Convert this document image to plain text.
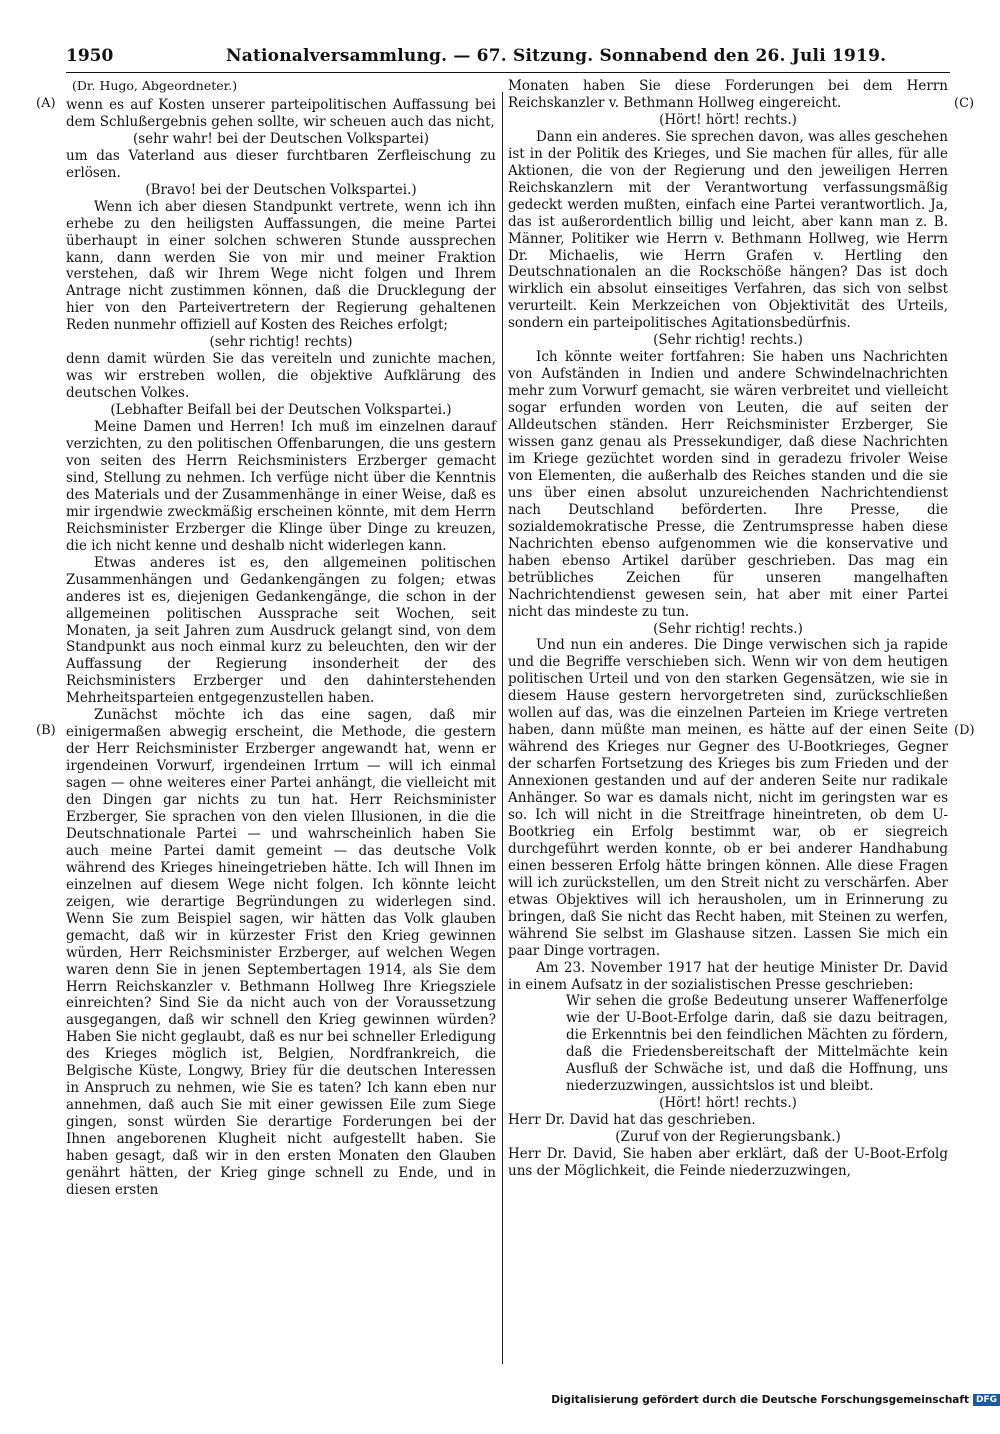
1950	Nationalversammlung. — 67. Sitzung. Sonnabend den 26. Juli 1919.
(A)
(B)
(C)
(D)
(Dr. Hugo, Abgeordneter.)

wenn es auf Kosten unserer parteipolitischen Auffassung bei dem Schlußergebnis gehen sollte, wir scheuen auch das nicht,

(sehr wahr! bei der Deutschen Volkspartei)

um das Vaterland aus dieser furchtbaren Zerfleischung zu erlösen.

(Bravo! bei der Deutschen Volkspartei.)

Wenn ich aber diesen Standpunkt vertrete, wenn ich ihn erhebe zu den heiligsten Auffassungen, die meine Partei überhaupt in einer solchen schweren Stunde aussprechen kann, dann werden Sie von mir und meiner Fraktion verstehen, daß wir Ihrem Wege nicht folgen und Ihrem Antrage nicht zustimmen können, daß die Drucklegung der hier von den Parteivertretern der Regierung gehaltenen Reden nunmehr offiziell auf Kosten des Reiches erfolgt;

(sehr richtig! rechts)

denn damit würden Sie das vereiteln und zunichte machen, was wir erstreben wollen, die objektive Aufklärung des deutschen Volkes.

(Lebhafter Beifall bei der Deutschen Volkspartei.)

Meine Damen und Herren! Ich muß im einzelnen darauf verzichten, zu den politischen Offenbarungen, die uns gestern von seiten des Herrn Reichsministers Erzberger gemacht sind, Stellung zu nehmen. Ich verfüge nicht über die Kenntnis des Materials und der Zusammenhänge in einer Weise, daß es mir irgendwie zweckmäßig erscheinen könnte, mit dem Herrn Reichsminister Erzberger die Klinge über Dinge zu kreuzen, die ich nicht kenne und deshalb nicht widerlegen kann.

Etwas anderes ist es, den allgemeinen politischen Zusammenhängen und Gedankengängen zu folgen; etwas anderes ist es, diejenigen Gedankengänge, die schon in der allgemeinen politischen Aussprache seit Wochen, seit Monaten, ja seit Jahren zum Ausdruck gelangt sind, von dem Standpunkt aus noch einmal kurz zu beleuchten, den wir der Auffassung der Regierung insonderheit der des Reichsministers Erzberger und den dahinterstehenden Mehrheitsparteien entgegenzustellen haben.

Zunächst möchte ich das eine sagen, daß mir einigermaßen abwegig erscheint, die Methode, die gestern der Herr Reichsminister Erzberger angewandt hat, wenn er irgendeinen Vorwurf, irgendeinen Irrtum — will ich einmal sagen — ohne weiteres einer Partei anhängt, die vielleicht mit den Dingen gar nichts zu tun hat. Herr Reichsminister Erzberger, Sie sprachen von den vielen Illusionen, in die die Deutschnationale Partei — und wahrscheinlich haben Sie auch meine Partei damit gemeint — das deutsche Volk während des Krieges hineingetrieben hätte. Ich will Ihnen im einzelnen auf diesem Wege nicht folgen. Ich könnte leicht zeigen, wie derartige Begründungen zu widerlegen sind. Wenn Sie zum Beispiel sagen, wir hätten das Volk glauben gemacht, daß wir in kürzester Frist den Krieg gewinnen würden, Herr Reichsminister Erzberger, auf welchen Wegen waren denn Sie in jenen Septembertagen 1914, als Sie dem Herrn Reichskanzler v. Bethmann Hollweg Ihre Kriegsziele einreichten? Sind Sie da nicht auch von der Voraussetzung ausgegangen, daß wir schnell den Krieg gewinnen würden? Haben Sie nicht geglaubt, daß es nur bei schneller Erledigung des Krieges möglich ist, Belgien, Nordfrankreich, die Belgische Küste, Longwy, Briey für die deutschen Interessen in Anspruch zu nehmen, wie Sie es taten? Ich kann eben nur annehmen, daß auch Sie mit einer gewissen Eile zum Siege gingen, sonst würden Sie derartige Forderungen bei der Ihnen angeborenen Klugheit nicht aufgestellt haben. Sie haben gesagt, daß wir in den ersten Monaten den Glauben genährt hätten, der Krieg ginge schnell zu Ende, und in diesen ersten

Monaten haben Sie diese Forderungen bei dem Herrn Reichskanzler v. Bethmann Hollweg eingereicht.

(Hört! hört! rechts.)

Dann ein anderes. Sie sprechen davon, was alles geschehen ist in der Politik des Krieges, und Sie machen für alles, für alle Aktionen, die von der Regierung und den jeweiligen Herren Reichskanzlern mit der Verantwortung verfassungsmäßig gedeckt werden mußten, einfach eine Partei verantwortlich. Ja, das ist außerordentlich billig und leicht, aber kann man z. B. Männer, Politiker wie Herrn v. Bethmann Hollweg, wie Herrn Dr. Michaelis, wie Herrn Grafen v. Hertling den Deutschnationalen an die Rockschöße hängen? Das ist doch wirklich ein absolut einseitiges Verfahren, das sich von selbst verurteilt. Kein Merkzeichen von Objektivität des Urteils, sondern ein parteipolitisches Agitationsbedürfnis.

(Sehr richtig! rechts.)

Ich könnte weiter fortfahren: Sie haben uns Nachrichten von Aufständen in Indien und andere Schwindelnachrichten mehr zum Vorwurf gemacht, sie wären verbreitet und vielleicht sogar erfunden worden von Leuten, die auf seiten der Alldeutschen ständen. Herr Reichsminister Erzberger, Sie wissen ganz genau als Pressekundiger, daß diese Nachrichten im Kriege gezüchtet worden sind in geradezu frivoler Weise von Elementen, die außerhalb des Reiches standen und die sie uns über einen absolut unzureichenden Nachrichtendienst nach Deutschland beförderten. Ihre Presse, die sozialdemokratische Presse, die Zentrumspresse haben diese Nachrichten ebenso aufgenommen wie die konservative und haben ebenso Artikel darüber geschrieben. Das mag ein betrübliches Zeichen für unseren mangelhaften Nachrichtendienst gewesen sein, hat aber mit einer Partei nicht das mindeste zu tun.

(Sehr richtig! rechts.)

Und nun ein anderes. Die Dinge verwischen sich ja rapide und die Begriffe verschieben sich. Wenn wir von dem heutigen politischen Urteil und von den starken Gegensätzen, wie sie in diesem Hause gestern hervorgetreten sind, zurückschließen wollen auf das, was die einzelnen Parteien im Kriege vertreten haben, dann müßte man meinen, es hätte auf der einen Seite während des Krieges nur Gegner des U-Bootkrieges, Gegner der scharfen Fortsetzung des Krieges bis zum Frieden und der Annexionen gestanden und auf der anderen Seite nur radikale Anhänger. So war es damals nicht, nicht im geringsten war es so. Ich will nicht in die Streitfrage hineintreten, ob dem U-Bootkrieg ein Erfolg bestimmt war, ob er siegreich durchgeführt werden konnte, ob er bei anderer Handhabung einen besseren Erfolg hätte bringen können. Alle diese Fragen will ich zurückstellen, um den Streit nicht zu verschärfen. Aber etwas Objektives will ich herausholen, um in Erinnerung zu bringen, daß Sie nicht das Recht haben, mit Steinen zu werfen, während Sie selbst im Glashause sitzen. Lassen Sie mich ein paar Dinge vortragen.

Am 23. November 1917 hat der heutige Minister Dr. David in einem Aufsatz in der sozialistischen Presse geschrieben:

Wir sehen die große Bedeutung unserer Waffenerfolge wie der U-Boot-Erfolge darin, daß sie dazu beitragen, die Erkenntnis bei den feindlichen Mächten zu fördern, daß die Friedensbereitschaft der Mittelmächte kein Ausfluß der Schwäche ist, und daß die Hoffnung, uns niederzuzwingen, aussichtslos ist und bleibt.

(Hört! hört! rechts.)

Herr Dr. David hat das geschrieben.

(Zuruf von der Regierungsbank.)

Herr Dr. David, Sie haben aber erklärt, daß der U-Boot-Erfolg uns der Möglichkeit, die Feinde niederzuzwingen,

Digitalisierung gefördert durch die Deutsche Forschungsgemeinschaft DFG
